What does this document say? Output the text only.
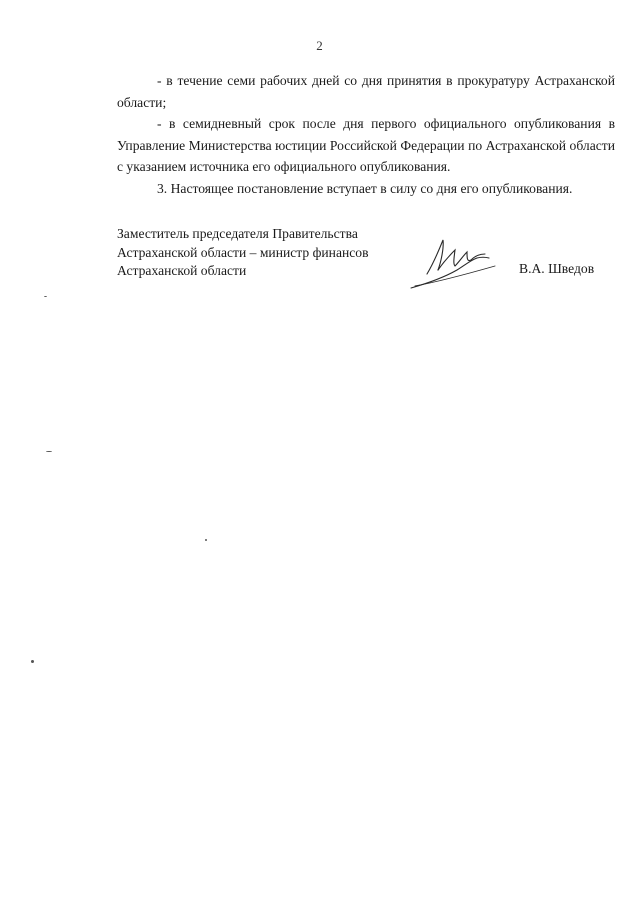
2

- в течение семи рабочих дней со дня принятия в прокуратуру Астраханской области;

- в семидневный срок после дня первого официального опубликования в Управление Министерства юстиции Российской Федерации по Астраханской области с указанием источника его официального опубликования.

3. Настоящее постановление вступает в силу со дня его опубликования.

Заместитель председателя Правительства
Астраханской области – министр финансов
Астраханской области	В.А. Шведов
